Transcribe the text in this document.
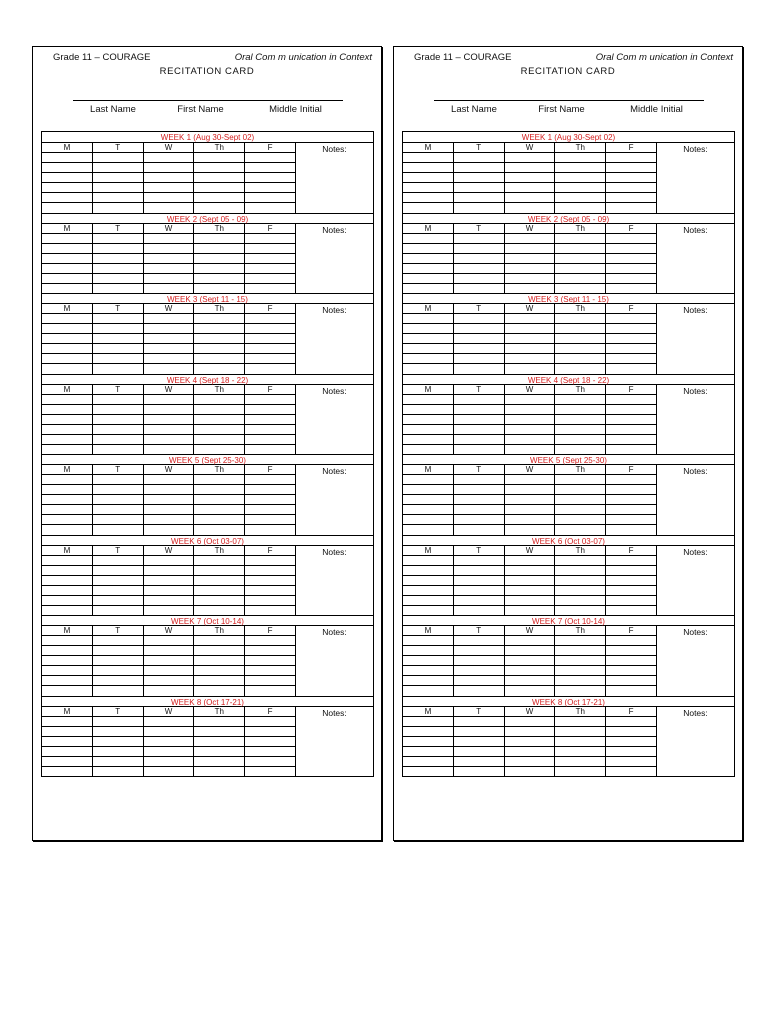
Grade 11 – COURAGE	Oral Com m unication in Context
RECITATION CARD
Last Name	First Name	Middle Initial
WEEK 1 (Aug 30-Sept 02)
M	T	W	Th	F	Notes:
WEEK 2 (Sept 05 - 09)
M	T	W	Th	F	Notes:
WEEK 3 (Sept 11 - 15)
M	T	W	Th	F	Notes:
WEEK 4 (Sept 18 - 22)
M	T	W	Th	F	Notes:
WEEK 5 (Sept 25-30)
M	T	W	Th	F	Notes:
WEEK 6 (Oct 03-07)
M	T	W	Th	F	Notes:
WEEK 7 (Oct 10-14)
M	T	W	Th	F	Notes:
WEEK 8 (Oct 17-21)
M	T	W	Th	F	Notes:
Grade 11 – COURAGE	Oral Com m unication in Context
RECITATION CARD
Last Name	First Name	Middle Initial
WEEK 1 (Aug 30-Sept 02)
M	T	W	Th	F	Notes:
WEEK 2 (Sept 05 - 09)
M	T	W	Th	F	Notes:
WEEK 3 (Sept 11 - 15)
M	T	W	Th	F	Notes:
WEEK 4 (Sept 18 - 22)
M	T	W	Th	F	Notes:
WEEK 5 (Sept 25-30)
M	T	W	Th	F	Notes:
WEEK 6 (Oct 03-07)
M	T	W	Th	F	Notes:
WEEK 7 (Oct 10-14)
M	T	W	Th	F	Notes:
WEEK 8 (Oct 17-21)
M	T	W	Th	F	Notes:
